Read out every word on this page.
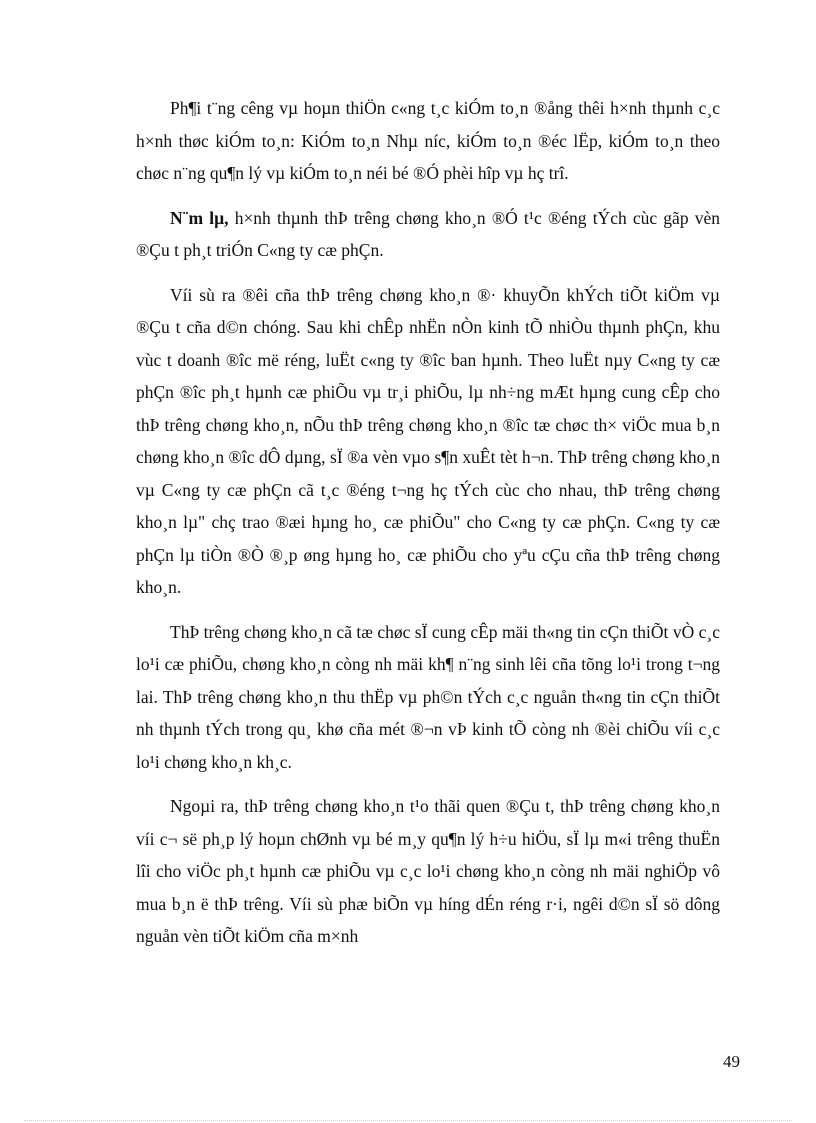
Ph¶i t¨ng cêng vµ hoµn thiÖn c«ng t¸c kiÓm to¸n ®ång thêi h×nh thµnh c¸c h×nh thøc kiÓm to¸n: KiÓm to¸n Nhµ níc, kiÓm to¸n ®éc lËp, kiÓm to¸n theo chøc n¨ng qu¶n lý vµ kiÓm to¸n néi bé ®Ó phèi hîp vµ hç trî.

N¨m lµ, h×nh thµnh thÞ trêng chøng kho¸n ®Ó t¹c ®éng tÝch cùc gãp vèn ®Çu t ph¸t triÓn C«ng ty cæ phÇn.

Víi sù ra ®êi cña thÞ trêng chøng kho¸n ®· khuyÕn khÝch tiÕt kiÖm vµ ®Çu t cña d©n chóng. Sau khi chÊp nhËn nÒn kinh tÕ nhiÒu thµnh phÇn, khu vùc t doanh ®îc më réng, luËt c«ng ty ®îc ban hµnh. Theo luËt nµy C«ng ty cæ phÇn ®îc ph¸t hµnh cæ phiÕu vµ tr¸i phiÕu, lµ nh÷ng mÆt hµng cung cÊp cho thÞ trêng chøng kho¸n, nÕu thÞ trêng chøng kho¸n ®îc tæ chøc th× viÖc mua b¸n chøng kho¸n ®îc dÔ dµng, sÏ ®a vèn vµo s¶n xuÊt tèt h¬n. ThÞ trêng chøng kho¸n vµ C«ng ty cæ phÇn cã t¸c ®éng t¬ng hç tÝch cùc cho nhau, thÞ trêng chøng kho¸n lµ" chç trao ®æi hµng ho¸ cæ phiÕu" cho C«ng ty cæ phÇn. C«ng ty cæ phÇn lµ tiÒn ®Ò ®¸p øng hµng ho¸ cæ phiÕu cho yªu cÇu cña thÞ trêng chøng kho¸n.

ThÞ trêng chøng kho¸n cã tæ chøc sÏ cung cÊp mäi th«ng tin cÇn thiÕt vÒ c¸c lo¹i cæ phiÕu, chøng kho¸n còng nh mäi kh¶ n¨ng sinh lêi cña tõng lo¹i trong t¬ng lai. ThÞ trêng chøng kho¸n thu thËp vµ ph©n tÝch c¸c nguån th«ng tin cÇn thiÕt nh thµnh tÝch trong qu¸ khø cña mét ®¬n vÞ kinh tÕ còng nh ®èi chiÕu víi c¸c lo¹i chøng kho¸n kh¸c.

Ngoµi ra, thÞ trêng chøng kho¸n t¹o thãi quen ®Çu t, thÞ trêng chøng kho¸n víi c¬ së ph¸p lý hoµn chØnh vµ bé m¸y qu¶n lý h÷u hiÖu, sÏ lµ m«i trêng thuËn lîi cho viÖc ph¸t hµnh cæ phiÕu vµ c¸c lo¹i chøng kho¸n còng nh mäi nghiÖp vô mua b¸n ë thÞ trêng. Víi sù phæ biÕn vµ híng dÉn réng r·i, ngêi d©n sÏ sö dông nguån vèn tiÕt kiÖm cña m×nh

49
